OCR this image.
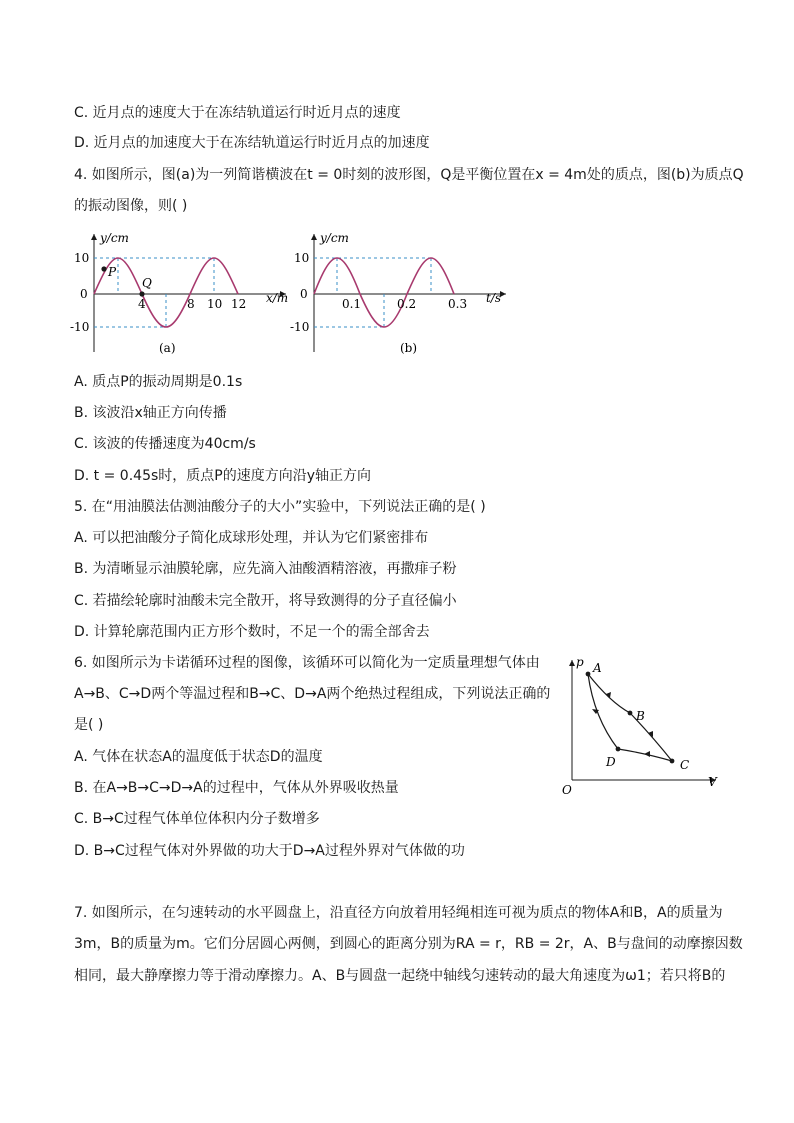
C. 近月点的速度大于在冻结轨道运行时近月点的速度
D. 近月点的加速度大于在冻结轨道运行时近月点的加速度
4. 如图所示，图(a)为一列简谐横波在t = 0时刻的波形图，Q是平衡位置在x = 4m处的质点，图(b)为质点Q
的振动图像，则( )
y/cm
x/m
10
0
-10
4	8 10 12
P
Q
(a)
y/cm
t/s
10
0
-10
0.1	0.2	0.3
(b)
A. 质点P的振动周期是0.1s
B. 该波沿x轴正方向传播
C. 该波的传播速度为40cm/s
D. t = 0.45s时，质点P的速度方向沿y轴正方向
5. 在“用油膜法估测油酸分子的大小”实验中，下列说法正确的是( )
A. 可以把油酸分子简化成球形处理，并认为它们紧密排布
B. 为清晰显示油膜轮廓，应先滴入油酸酒精溶液，再撒痱子粉
C. 若描绘轮廓时油酸未完全散开，将导致测得的分子直径偏小
D. 计算轮廓范围内正方形个数时，不足一个的需全部舍去
6. 如图所示为卡诺循环过程的图像，该循环可以简化为一定质量理想气体由
A→B、C→D两个等温过程和B→C、D→A两个绝热过程组成，下列说法正确的
是( )
A. 气体在状态A的温度低于状态D的温度
B. 在A→B→C→D→A的过程中，气体从外界吸收热量
C. B→C过程气体单位体积内分子数增多
D. B→C过程气体对外界做的功大于D→A过程外界对气体做的功
p
V
O
A
B
C
D
7. 如图所示，在匀速转动的水平圆盘上，沿直径方向放着用轻绳相连可视为质点的物体A和B，A的质量为
3m，B的质量为m。它们分居圆心两侧，到圆心的距离分别为RA = r，RB = 2r，A、B与盘间的动摩擦因数
相同，最大静摩擦力等于滑动摩擦力。A、B与圆盘一起绕中轴线匀速转动的最大角速度为ω1；若只将B的
